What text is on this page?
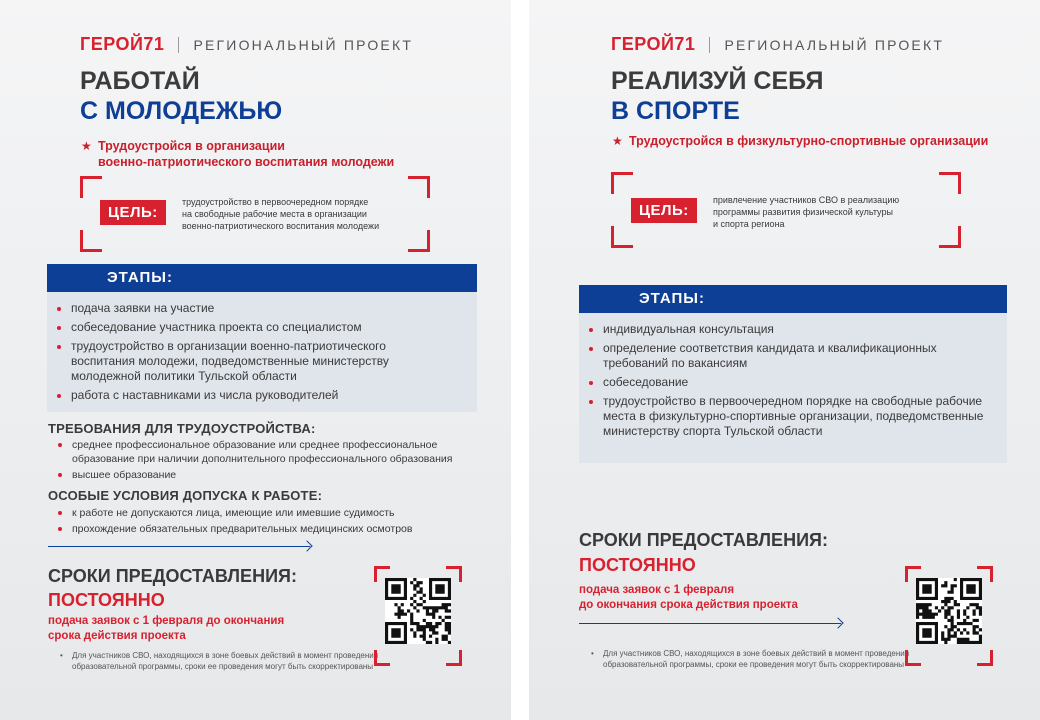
ГЕРОЙ71 РЕГИОНАЛЬНЫЙ ПРОЕКТ
РАБОТАЙ
С МОЛОДЕЖЬЮ
★ Трудоустройся в организации
военно-патриотического воспитания молодежи
ЦЕЛЬ:
трудоустройство в первоочередном порядке
на свободные рабочие места в организации
военно-патриотического воспитания молодежи
ЭТАПЫ:
подача заявки на участие
собеседование участника проекта со специалистом
трудоустройство в организации военно-патриотического воспитания молодежи, подведомственные министерству молодежной политики Тульской области
работа с наставниками из числа руководителей
ТРЕБОВАНИЯ ДЛЯ ТРУДОУСТРОЙСТВА:
среднее профессиональное образование или среднее профессиональное образование при наличии дополнительного профессионального образования
высшее образование
ОСОБЫЕ УСЛОВИЯ ДОПУСКА К РАБОТЕ:
к работе не допускаются лица, имеющие или имевшие судимость
прохождение обязательных предварительных медицинских осмотров
СРОКИ ПРЕДОСТАВЛЕНИЯ:
ПОСТОЯННО
подача заявок с 1 февраля до окончания
срока действия проекта
• Для участников СВО, находящихся в зоне боевых действий в момент проведения
образовательной программы, сроки ее проведения могут быть скорректированы
ГЕРОЙ71 РЕГИОНАЛЬНЫЙ ПРОЕКТ
РЕАЛИЗУЙ СЕБЯ
В СПОРТЕ
★ Трудоустройся в физкультурно-спортивные организации
ЦЕЛЬ:
привлечение участников СВО в реализацию
программы развития физической культуры
и спорта региона
ЭТАПЫ:
индивидуальная консультация
определение соответствия кандидата и квалификационных требований по вакансиям
собеседование
трудоустройство в первоочередном порядке на свободные рабочие места в физкультурно-спортивные организации, подведомственные министерству спорта Тульской области
СРОКИ ПРЕДОСТАВЛЕНИЯ:
ПОСТОЯННО
подача заявок с 1 февраля
до окончания срока действия проекта
• Для участников СВО, находящихся в зоне боевых действий в момент проведения
образовательной программы, сроки ее проведения могут быть скорректированы
